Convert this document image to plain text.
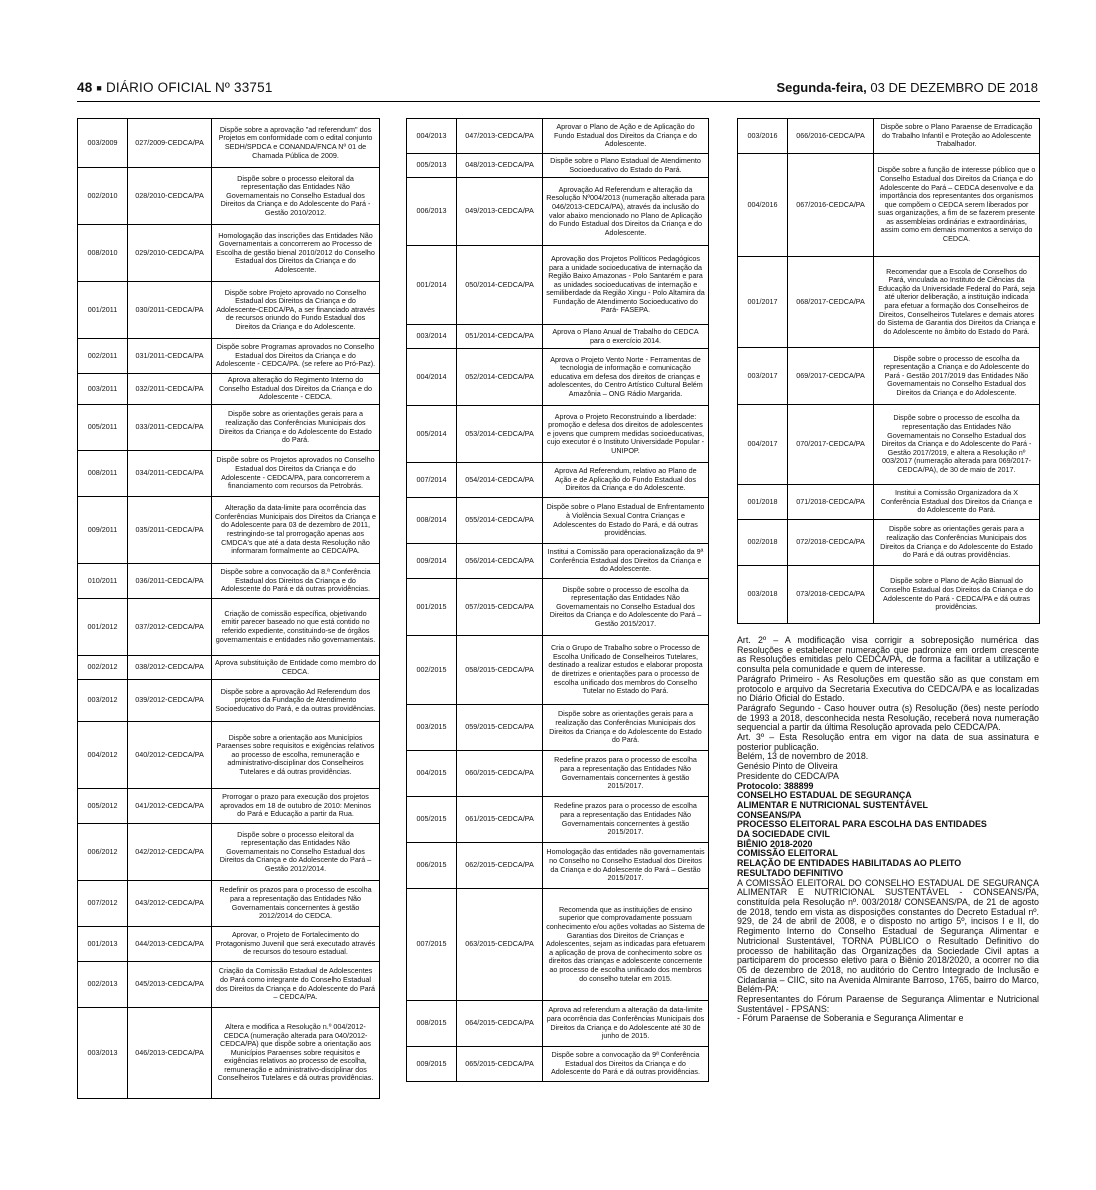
48 ■ DIÁRIO OFICIAL Nº 33751	Segunda-feira, 03 DE DEZEMBRO DE 2018
003/2009	027/2009-CEDCA/PA	Dispõe sobre a aprovação "ad referendum" dos Projetos em conformidade com o edital conjunto SEDH/SPDCA e CONANDA/FNCA Nº 01 de Chamada Pública de 2009.
002/2010	028/2010-CEDCA/PA	Dispõe sobre o processo eleitoral da representação das Entidades Não Governamentais no Conselho Estadual dos Direitos da Criança e do Adolescente do Pará - Gestão 2010/2012.
008/2010	029/2010-CEDCA/PA	Homologação das inscrições das Entidades Não Governamentais a concorrerem ao Processo de Escolha de gestão bienal 2010/2012 do Conselho Estadual dos Direitos da Criança e do Adolescente.
001/2011	030/2011-CEDCA/PA	Dispõe sobre Projeto aprovado no Conselho Estadual dos Direitos da Criança e do Adolescente-CEDCA/PA, a ser financiado através de recursos oriundo do Fundo Estadual dos Direitos da Criança e do Adolescente.
002/2011	031/2011-CEDCA/PA	Dispõe sobre Programas aprovados no Conselho Estadual dos Direitos da Criança e do Adolescente - CEDCA/PA. (se refere ao Pró-Paz).
003/2011	032/2011-CEDCA/PA	Aprova alteração do Regimento Interno do Conselho Estadual dos Direitos da Criança e do Adolescente - CEDCA.
005/2011	033/2011-CEDCA/PA	Dispõe sobre as orientações gerais para a realização das Conferências Municipais dos Direitos da Criança e do Adolescente do Estado do Pará.
008/2011	034/2011-CEDCA/PA	Dispõe sobre os Projetos aprovados no Conselho Estadual dos Direitos da Criança e do Adolescente - CEDCA/PA, para concorrerem a financiamento com recursos da Petrobrás.
009/2011	035/2011-CEDCA/PA	Alteração da data-limite para ocorrência das Conferências Municipais dos Direitos da Criança e do Adolescente para 03 de dezembro de 2011, restringindo-se tal prorrogação apenas aos CMDCA's que até a data desta Resolução não informaram formalmente ao CEDCA/PA.
010/2011	036/2011-CEDCA/PA	Dispõe sobre a convocação da 8.ª Conferência Estadual dos Direitos da Criança e do Adolescente do Pará e dá outras providências.
001/2012	037/2012-CEDCA/PA	Criação de comissão específica, objetivando emitir parecer baseado no que está contido no referido expediente, constituindo-se de órgãos governamentais e entidades não governamentais.
002/2012	038/2012-CEDCA/PA	Aprova substituição de Entidade como membro do CEDCA.
003/2012	039/2012-CEDCA/PA	Dispõe sobre a aprovação Ad Referendum dos projetos da Fundação de Atendimento Socioeducativo do Pará, e da outras providências.
004/2012	040/2012-CEDCA/PA	Dispõe sobre a orientação aos Municípios Paraenses sobre requisitos e exigências relativos ao processo de escolha, remuneração e administrativo-disciplinar dos Conselheiros Tutelares e dá outras providências.
005/2012	041/2012-CEDCA/PA	Prorrogar o prazo para execução dos projetos aprovados em 18 de outubro de 2010: Meninos do Pará e Educação a partir da Rua.
006/2012	042/2012-CEDCA/PA	Dispõe sobre o processo eleitoral da representação das Entidades Não Governamentais no Conselho Estadual dos Direitos da Criança e do Adolescente do Pará – Gestão 2012/2014.
007/2012	043/2012-CEDCA/PA	Redefinir os prazos para o processo de escolha para a representação das Entidades Não Governamentais concernentes à gestão 2012/2014 do CEDCA.
001/2013	044/2013-CEDCA/PA	Aprovar, o Projeto de Fortalecimento do Protagonismo Juvenil que será executado através de recursos do tesouro estadual.
002/2013	045/2013-CEDCA/PA	Criação da Comissão Estadual de Adolescentes do Pará como integrante do Conselho Estadual dos Direitos da Criança e do Adolescente do Pará – CEDCA/PA.
003/2013	046/2013-CEDCA/PA	Altera e modifica a Resolução n.º 004/2012-CEDCA (numeração alterada para 040/2012-CEDCA/PA) que dispõe sobre a orientação aos Municípios Paraenses sobre requisitos e exigências relativos ao processo de escolha, remuneração e administrativo-disciplinar dos Conselheiros Tutelares e dá outras providências.
004/2013	047/2013-CEDCA/PA	Aprovar o Plano de Ação e de Aplicação do Fundo Estadual dos Direitos da Criança e do Adolescente.
005/2013	048/2013-CEDCA/PA	Dispõe sobre o Plano Estadual de Atendimento Socioeducativo do Estado do Pará.
006/2013	049/2013-CEDCA/PA	Aprovação Ad Referendum e alteração da Resolução Nº004/2013 (numeração alterada para 046/2013-CEDCA/PA), através da inclusão do valor abaixo mencionado no Plano de Aplicação do Fundo Estadual dos Direitos da Criança e do Adolescente.
001/2014	050/2014-CEDCA/PA	Aprovação dos Projetos Políticos Pedagógicos para a unidade socioeducativa de internação da Região Baixo Amazonas - Polo Santarém e para as unidades socioeducativas de internação e semiliberdade da Região Xingu - Polo Altamira da Fundação de Atendimento Socioeducativo do Pará- FASEPA.
003/2014	051/2014-CEDCA/PA	Aprova o Plano Anual de Trabalho do CEDCA para o exercício 2014.
004/2014	052/2014-CEDCA/PA	Aprova o Projeto Vento Norte - Ferramentas de tecnologia de informação e comunicação educativa em defesa dos direitos de crianças e adolescentes, do Centro Artístico Cultural Belém Amazônia – ONG Rádio Margarida.
005/2014	053/2014-CEDCA/PA	Aprova o Projeto Reconstruindo a liberdade: promoção e defesa dos direitos de adolescentes e jovens que cumprem medidas socioeducativas, cujo executor é o Instituto Universidade Popular - UNIPOP.
007/2014	054/2014-CEDCA/PA	Aprova Ad Referendum, relativo ao Plano de Ação e de Aplicação do Fundo Estadual dos Direitos da Criança e do Adolescente.
008/2014	055/2014-CEDCA/PA	Dispõe sobre o Plano Estadual de Enfrentamento à Violência Sexual Contra Crianças e Adolescentes do Estado do Pará, e dá outras providências.
009/2014	056/2014-CEDCA/PA	Institui a Comissão para operacionalização da 9ª Conferência Estadual dos Direitos da Criança e do Adolescente.
001/2015	057/2015-CEDCA/PA	Dispõe sobre o processo de escolha da representação das Entidades Não Governamentais no Conselho Estadual dos Direitos da Criança e do Adolescente do Pará – Gestão 2015/2017.
002/2015	058/2015-CEDCA/PA	Cria o Grupo de Trabalho sobre o Processo de Escolha Unificado de Conselheiros Tutelares, destinado a realizar estudos e elaborar proposta de diretrizes e orientações para o processo de escolha unificado dos membros do Conselho Tutelar no Estado do Pará.
003/2015	059/2015-CEDCA/PA	Dispõe sobre as orientações gerais para a realização das Conferências Municipais dos Direitos da Criança e do Adolescente do Estado do Pará.
004/2015	060/2015-CEDCA/PA	Redefine prazos para o processo de escolha para a representação das Entidades Não Governamentais concernentes à gestão 2015/2017.
005/2015	061/2015-CEDCA/PA	Redefine prazos para o processo de escolha para a representação das Entidades Não Governamentais concernentes à gestão 2015/2017.
006/2015	062/2015-CEDCA/PA	Homologação das entidades não governamentais no Conselho no Conselho Estadual dos Direitos da Criança e do Adolescente do Pará – Gestão 2015/2017.
007/2015	063/2015-CEDCA/PA	Recomenda que as instituições de ensino superior que comprovadamente possuam conhecimento e/ou ações voltadas ao Sistema de Garantias dos Direitos de Crianças e Adolescentes, sejam as indicadas para efetuarem a aplicação de prova de conhecimento sobre os direitos das crianças e adolescente concernente ao processo de escolha unificado dos membros do conselho tutelar em 2015.
008/2015	064/2015-CEDCA/PA	Aprova ad referendum a alteração da data-limite para ocorrência das Conferências Municipais dos Direitos da Criança e do Adolescente até 30 de junho de 2015.
009/2015	065/2015-CEDCA/PA	Dispõe sobre a convocação da 9ª Conferência Estadual dos Direitos da Criança e do Adolescente do Pará e dá outras providências.
003/2016	066/2016-CEDCA/PA	Dispõe sobre o Plano Paraense de Erradicação do Trabalho Infantil e Proteção ao Adolescente Trabalhador.
004/2016	067/2016-CEDCA/PA	Dispõe sobre a função de interesse público que o Conselho Estadual dos Direitos da Criança e do Adolescente do Pará – CEDCA desenvolve e da importância dos representantes dos organismos que compõem o CEDCA serem liberados por suas organizações, a fim de se fazerem presente as assembleias ordinárias e extraordinárias, assim como em demais momentos a serviço do CEDCA.
001/2017	068/2017-CEDCA/PA	Recomendar que a Escola de Conselhos do Pará, vinculada ao Instituto de Ciências da Educação da Universidade Federal do Pará, seja até ulterior deliberação, a instituição indicada para efetuar a formação dos Conselheiros de Direitos, Conselheiros Tutelares e demais atores do Sistema de Garantia dos Direitos da Criança e do Adolescente no âmbito do Estado do Pará.
003/2017	069/2017-CEDCA/PA	Dispõe sobre o processo de escolha da representação a Criança e do Adolescente do Pará - Gestão 2017/2019 das Entidades Não Governamentais no Conselho Estadual dos Direitos da Criança e do Adolescente.
004/2017	070/2017-CEDCA/PA	Dispõe sobre o processo de escolha da representação das Entidades Não Governamentais no Conselho Estadual dos Direitos da Criança e do Adolescente do Pará - Gestão 2017/2019, e altera a Resolução nº 003/2017 (numeração alterada para 069/2017-CEDCA/PA), de 30 de maio de 2017.
001/2018	071/2018-CEDCA/PA	Institui a Comissão Organizadora da X Conferência Estadual dos Direitos da Criança e do Adolescente do Pará.
002/2018	072/2018-CEDCA/PA	Dispõe sobre as orientações gerais para a realização das Conferências Municipais dos Direitos da Criança e do Adolescente do Estado do Pará e dá outras providências.
003/2018	073/2018-CEDCA/PA	Dispõe sobre o Plano de Ação Bianual do Conselho Estadual dos Direitos da Criança e do Adolescente do Pará - CEDCA/PA e dá outras providências.

Art. 2º – A modificação visa corrigir a sobreposição numérica das Resoluções e estabelecer numeração que padronize em ordem crescente as Resoluções emitidas pelo CEDCA/PA, de forma a facilitar a utilização e consulta pela comunidade e quem de interesse.

Parágrafo Primeiro - As Resoluções em questão são as que constam em protocolo e arquivo da Secretaria Executiva do CEDCA/PA e as localizadas no Diário Oficial do Estado.

Parágrafo Segundo - Caso houver outra (s) Resolução (ões) neste período de 1993 a 2018, desconhecida nesta Resolução, receberá nova numeração sequencial a partir da última Resolução aprovada pelo CEDCA/PA.

Art. 3º – Esta Resolução entra em vigor na data de sua assinatura e posterior publicação.

Belém, 13 de novembro de 2018.

Genésio Pinto de Oliveira

Presidente do CEDCA/PA

Protocolo: 388899

CONSELHO ESTADUAL DE SEGURANÇA

ALIMENTAR E NUTRICIONAL SUSTENTÁVEL

CONSEANS/PA

PROCESSO ELEITORAL PARA ESCOLHA DAS ENTIDADES

DA SOCIEDADE CIVIL

BIÊNIO 2018-2020

COMISSÃO ELEITORAL

RELAÇÃO DE ENTIDADES HABILITADAS AO PLEITO

RESULTADO DEFINITIVO

A COMISSÃO ELEITORAL DO CONSELHO ESTADUAL DE SEGURANÇA ALIMENTAR E NUTRICIONAL SUSTENTÁVEL - CONSEANS/PA, constituída pela Resolução nº. 003/2018/ CONSEANS/PA, de 21 de agosto de 2018, tendo em vista as disposições constantes do Decreto Estadual nº. 929, de 24 de abril de 2008, e o disposto no artigo 5º, incisos I e II, do Regimento Interno do Conselho Estadual de Segurança Alimentar e Nutricional Sustentável, TORNA PÚBLICO o Resultado Definitivo do processo de habilitação das Organizações da Sociedade Civil aptas a participarem do processo eletivo para o Biênio 2018/2020, a ocorrer no dia 05 de dezembro de 2018, no auditório do Centro Integrado de Inclusão e Cidadania – CIIC, sito na Avenida Almirante Barroso, 1765, bairro do Marco, Belém-PA:

Representantes do Fórum Paraense de Segurança Alimentar e Nutricional Sustentável - FPSANS:

- Fórum Paraense de Soberania e Segurança Alimentar e
